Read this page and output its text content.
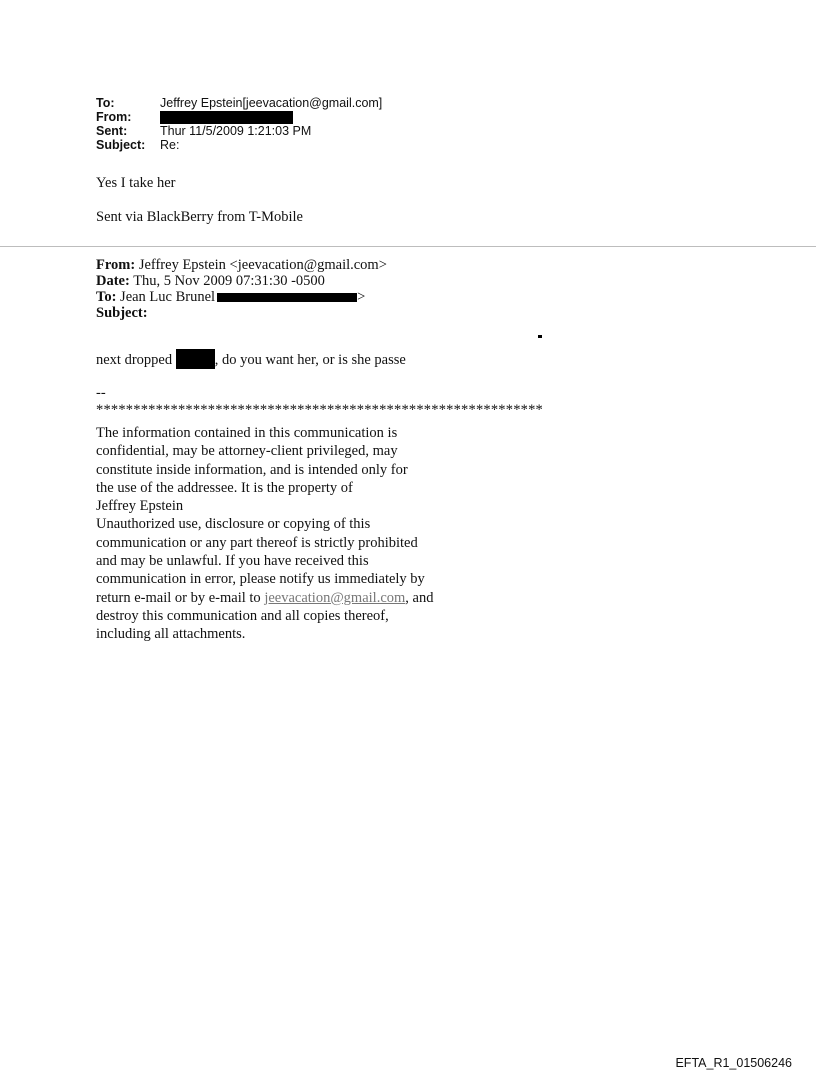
To:	Jeffrey Epstein[jeevacation@gmail.com]
From:
Sent:	Thur 11/5/2009 1:21:03 PM
Subject:	Re:
Yes I take her
Sent via BlackBerry from T-Mobile
From: Jeffrey Epstein <jeevacation@gmail.com>
Date: Thu, 5 Nov 2009 07:31:30 -0500
To: Jean Luc Brunel	>
Subject:
next dropped	, do you want her, or is she passe
--
************************************************************
The information contained in this communication is
confidential, may be attorney-client privileged, may
constitute inside information, and is intended only for
the use of the addressee. It is the property of
Jeffrey Epstein
Unauthorized use, disclosure or copying of this
communication or any part thereof is strictly prohibited
and may be unlawful. If you have received this
communication in error, please notify us immediately by
return e-mail or by e-mail to jeevacation@gmail.com, and
destroy this communication and all copies thereof,
including all attachments.
EFTA_R1_01506246
